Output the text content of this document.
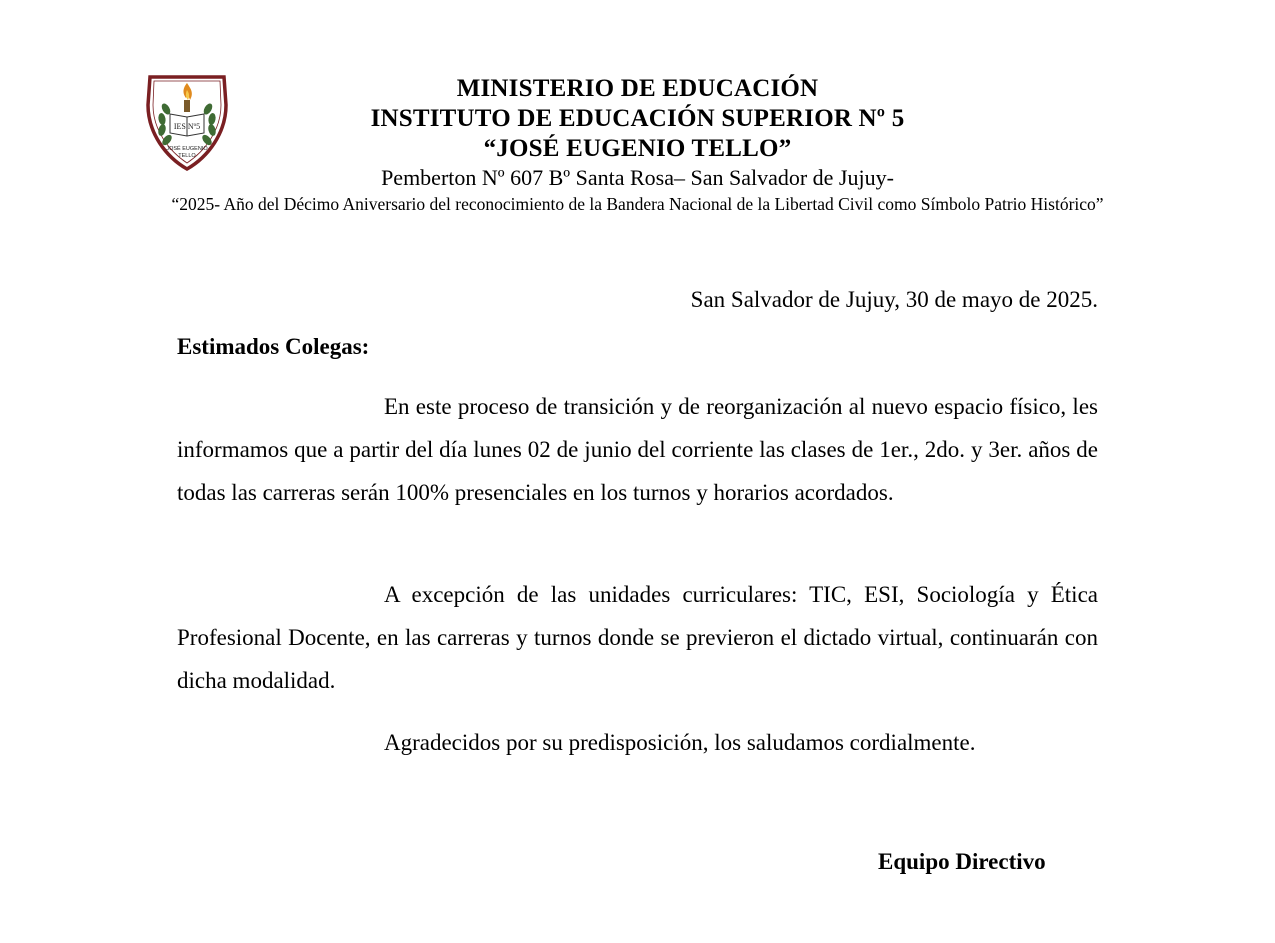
IES Nº5
JOSÉ EUGENIO
TELLO
MINISTERIO DE EDUCACIÓN
INSTITUTO DE EDUCACIÓN SUPERIOR Nº 5
“JOSÉ EUGENIO TELLO”
Pemberton Nº 607 Bº Santa Rosa– San Salvador de Jujuy-
“2025- Año del Décimo Aniversario del reconocimiento de la Bandera Nacional de la Libertad Civil como Símbolo Patrio Histórico”
San Salvador de Jujuy, 30 de mayo de 2025.
Estimados Colegas:

En este proceso de transición y de reorganización al nuevo espacio físico, les informamos que a partir del día lunes 02 de junio del corriente las clases de 1er., 2do. y 3er. años de todas las carreras serán 100% presenciales en los turnos y horarios acordados.

A excepción de las unidades curriculares: TIC, ESI, Sociología y Ética Profesional Docente, en las carreras y turnos donde se previeron el dictado virtual, continuarán con dicha modalidad.

Agradecidos por su predisposición, los saludamos cordialmente.

Equipo Directivo
